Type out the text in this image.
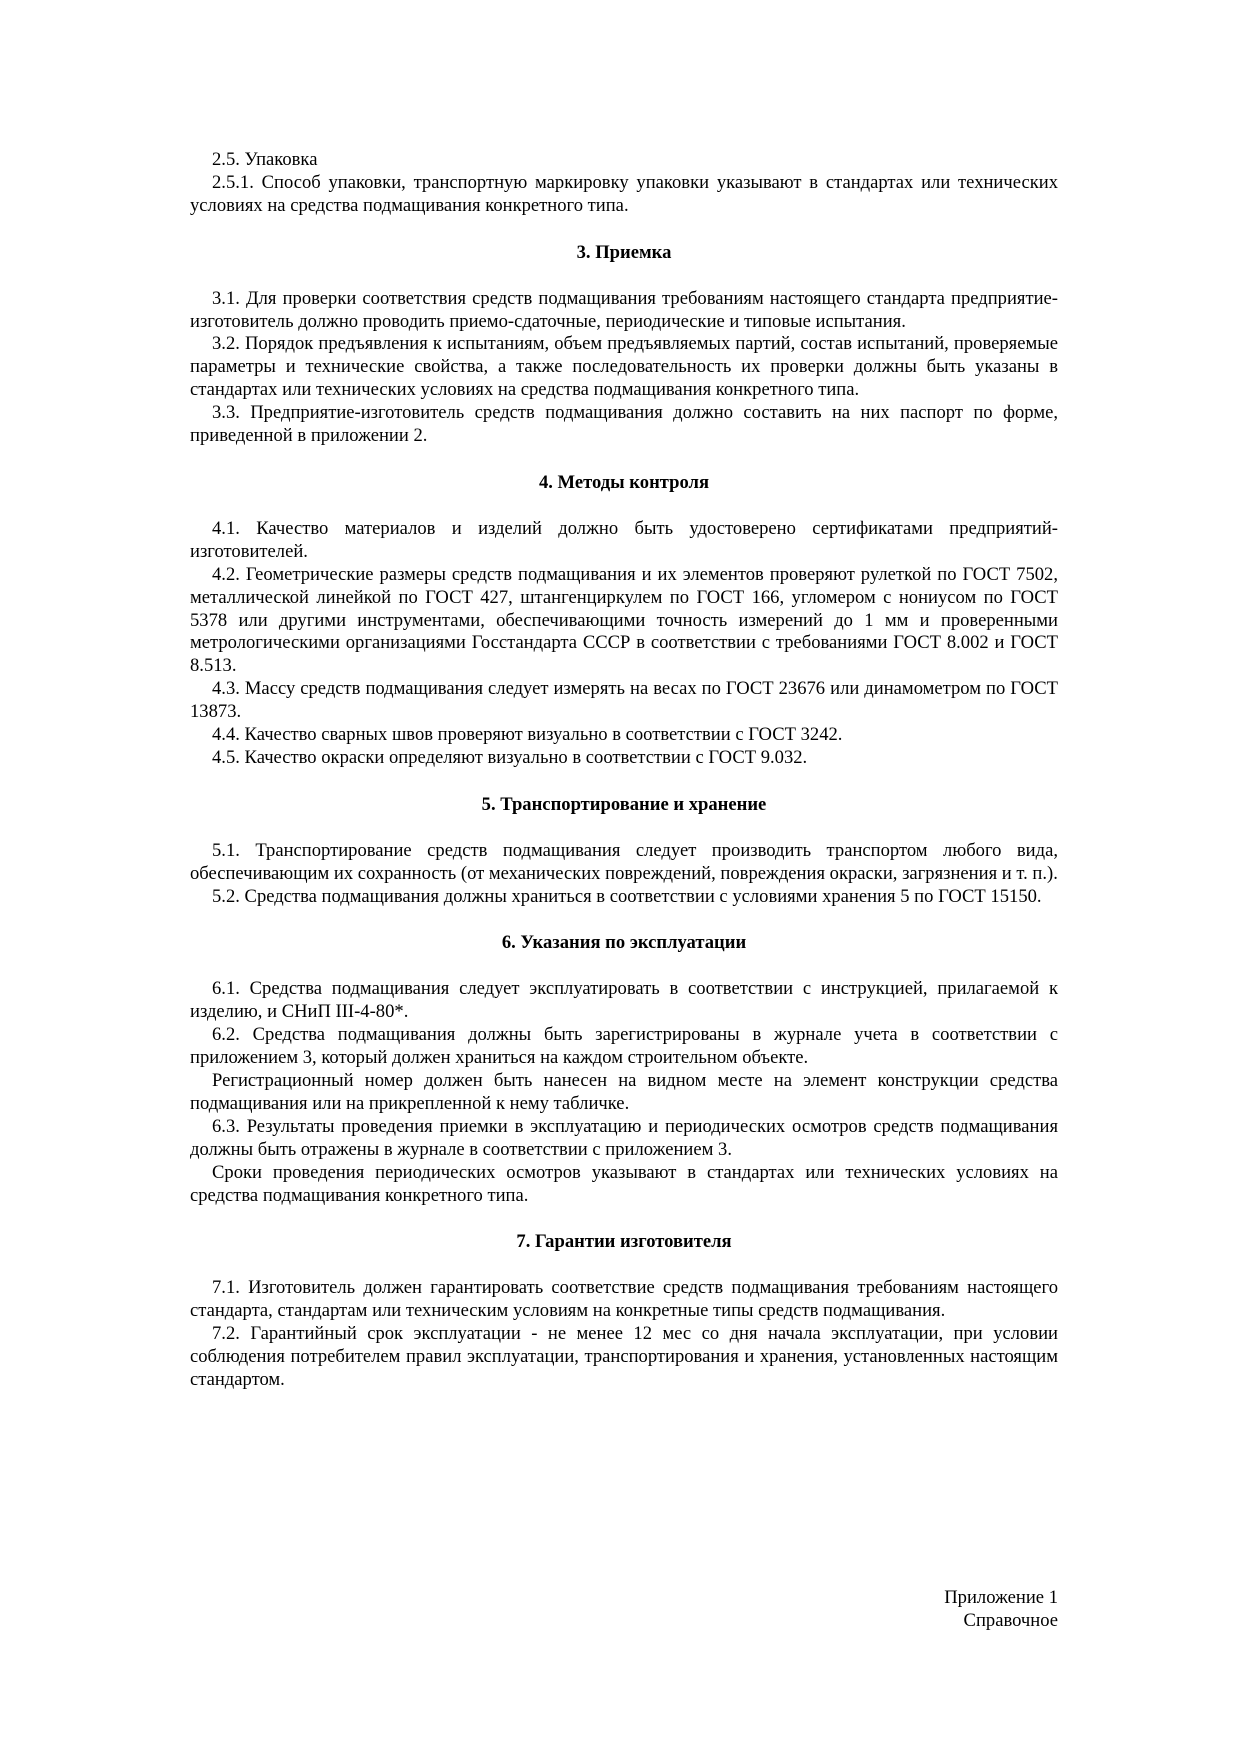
2.5. Упаковка

2.5.1. Способ упаковки, транспортную маркировку упаковки указывают в стандартах или технических условиях на средства подмащивания конкретного типа.

3. Приемка

3.1. Для проверки соответствия средств подмащивания требованиям настоящего стандарта предприятие-изготовитель должно проводить приемо-сдаточные, периодические и типовые испытания.

3.2. Порядок предъявления к испытаниям, объем предъявляемых партий, состав испытаний, проверяемые параметры и технические свойства, а также последовательность их проверки должны быть указаны в стандартах или технических условиях на средства подмащивания конкретного типа.

3.3. Предприятие-изготовитель средств подмащивания должно составить на них паспорт по форме, приведенной в приложении 2.

4. Методы контроля

4.1. Качество материалов и изделий должно быть удостоверено сертификатами предприятий-изготовителей.

4.2. Геометрические размеры средств подмащивания и их элементов проверяют рулеткой по ГОСТ 7502, металлической линейкой по ГОСТ 427, штангенциркулем по ГОСТ 166, угломером с нониусом по ГОСТ 5378 или другими инструментами, обеспечивающими точность измерений до 1 мм и проверенными метрологическими организациями Госстандарта СССР в соответствии с требованиями ГОСТ 8.002 и ГОСТ 8.513.

4.3. Массу средств подмащивания следует измерять на весах по ГОСТ 23676 или динамометром по ГОСТ 13873.

4.4. Качество сварных швов проверяют визуально в соответствии с ГОСТ 3242.

4.5. Качество окраски определяют визуально в соответствии с ГОСТ 9.032.

5. Транспортирование и хранение

5.1. Транспортирование средств подмащивания следует производить транспортом любого вида, обеспечивающим их сохранность (от механических повреждений, повреждения окраски, загрязнения и т. п.).

5.2. Средства подмащивания должны храниться в соответствии с условиями хранения 5 по ГОСТ 15150.

6. Указания по эксплуатации

6.1. Средства подмащивания следует эксплуатировать в соответствии с инструкцией, прилагаемой к изделию, и СНиП III-4-80*.

6.2. Средства подмащивания должны быть зарегистрированы в журнале учета в соответствии с приложением 3, который должен храниться на каждом строительном объекте.

Регистрационный номер должен быть нанесен на видном месте на элемент конструкции средства подмащивания или на прикрепленной к нему табличке.

6.3. Результаты проведения приемки в эксплуатацию и периодических осмотров средств подмащивания должны быть отражены в журнале в соответствии с приложением 3.

Сроки проведения периодических осмотров указывают в стандартах или технических условиях на средства подмащивания конкретного типа.

7. Гарантии изготовителя

7.1. Изготовитель должен гарантировать соответствие средств подмащивания требованиям настоящего стандарта, стандартам или техническим условиям на конкретные типы средств подмащивания.

7.2. Гарантийный срок эксплуатации - не менее 12 мес со дня начала эксплуатации, при условии соблюдения потребителем правил эксплуатации, транспортирования и хранения, установленных настоящим стандартом.

Приложение 1
Справочное
